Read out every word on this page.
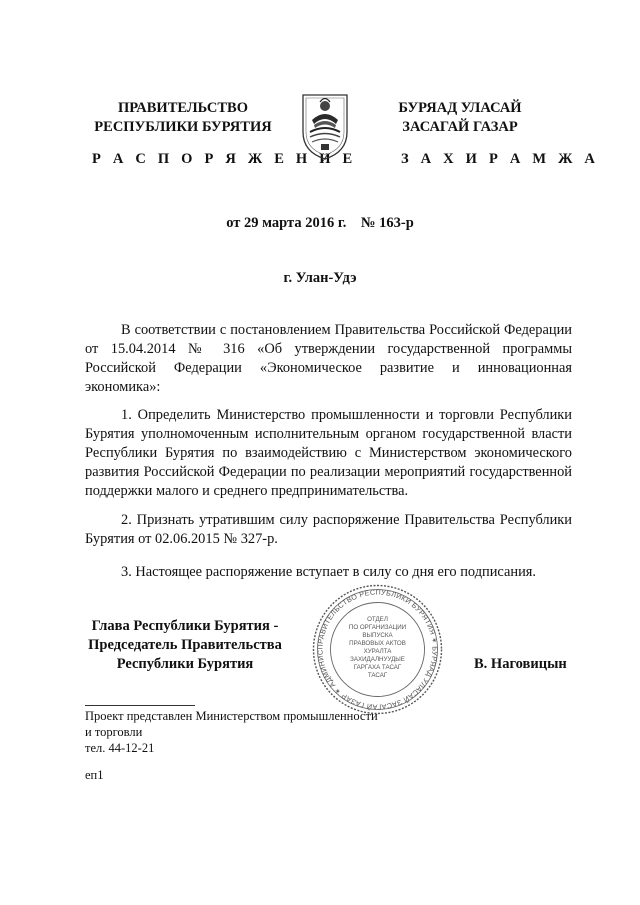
ПРАВИТЕЛЬСТВО
РЕСПУБЛИКИ БУРЯТИЯ
Р А С П О Р Я Ж Е Н И Е
БУРЯАД УЛАСАЙ
ЗАСАГАЙ ГАЗАР
З А Х И Р А М Ж А
от 29 марта 2016 г.    № 163-р
г. Улан-Удэ
В соответствии с постановлением Правительства Российской Федерации от 15.04.2014 № 316 «Об утверждении государственной программы Российской Федерации «Экономическое развитие и инновационная экономика»:
1. Определить Министерство промышленности и торговли Республики Бурятия уполномоченным исполнительным органом государственной власти Республики Бурятия по взаимодействию с Министерством экономического развития Российской Федерации по реализации мероприятий государственной поддержки малого и среднего предпринимательства.
2. Признать утратившим силу распоряжение Правительства Республики Бурятия от 02.06.2015 № 327-р.
3. Настоящее распоряжение вступает в силу со дня его подписания.
Глава Республики Бурятия -
Председатель Правительства
Республики Бурятия
ПРАВИТЕЛЬСТВО РЕСПУБЛИКИ БУРЯТИЯ ✶ БУРЯАД УЛАСАЙ ЗАСАГАЙ ГАЗАР ✶ АДМИНИС
ОТДЕЛ
ПО ОРГАНИЗАЦИИ
ВЫПУСКА
ПРАВОВЫХ АКТОВ
ХУРАЛТА
ЗАХИДАЛНУУДЫЕ
ГАРГАХА ТАСАГ
ТАСАГ
В. Наговицын
Проект представлен Министерством промышленности
и торговли
тел. 44-12-21
еп1
